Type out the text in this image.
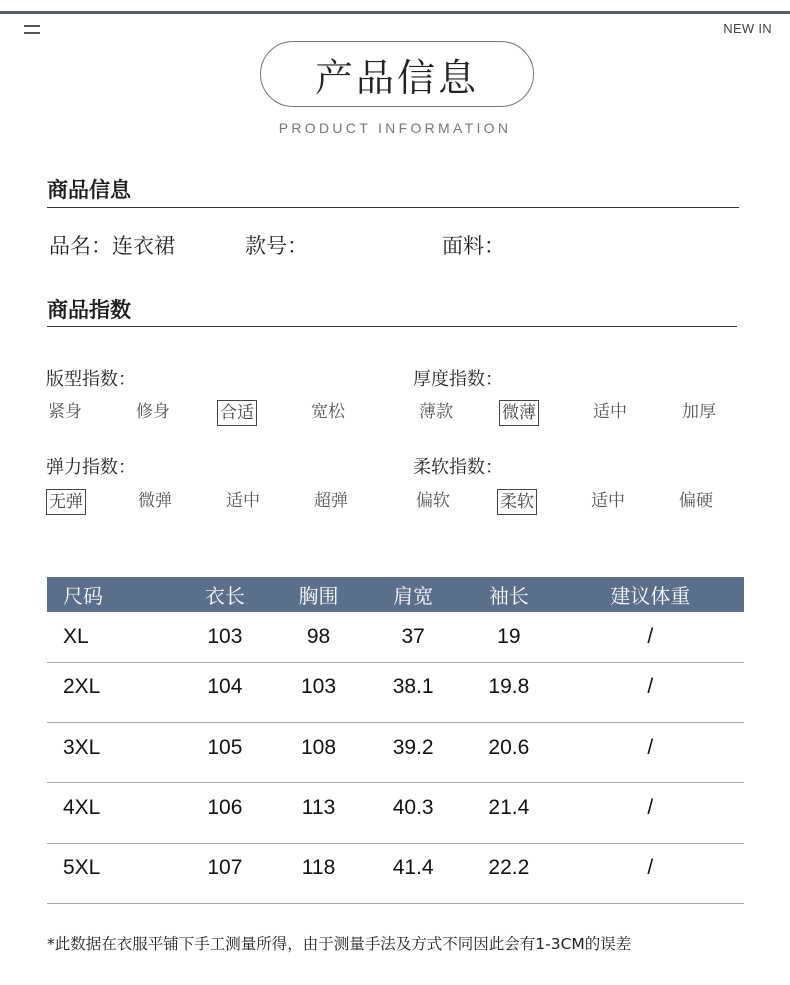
NEW IN
产品信息
PRODUCT INFORMATION
商品信息
品名：连衣裙	款号：	面料：
商品指数
版型指数：
紧身	修身	合适	宽松
厚度指数：
薄款	微薄	适中	加厚
弹力指数：
无弹	微弹	适中	超弹
柔软指数：
偏软	柔软	适中	偏硬
尺码	衣长	胸围	肩宽	袖长	建议体重
XL	103	98	37	19	/
2XL	104	103	38.1	19.8	/
3XL	105	108	39.2	20.6	/
4XL	106	113	40.3	21.4	/
5XL	107	118	41.4	22.2	/
*此数据在衣服平铺下手工测量所得，由于测量手法及方式不同因此会有1-3CM的误差
